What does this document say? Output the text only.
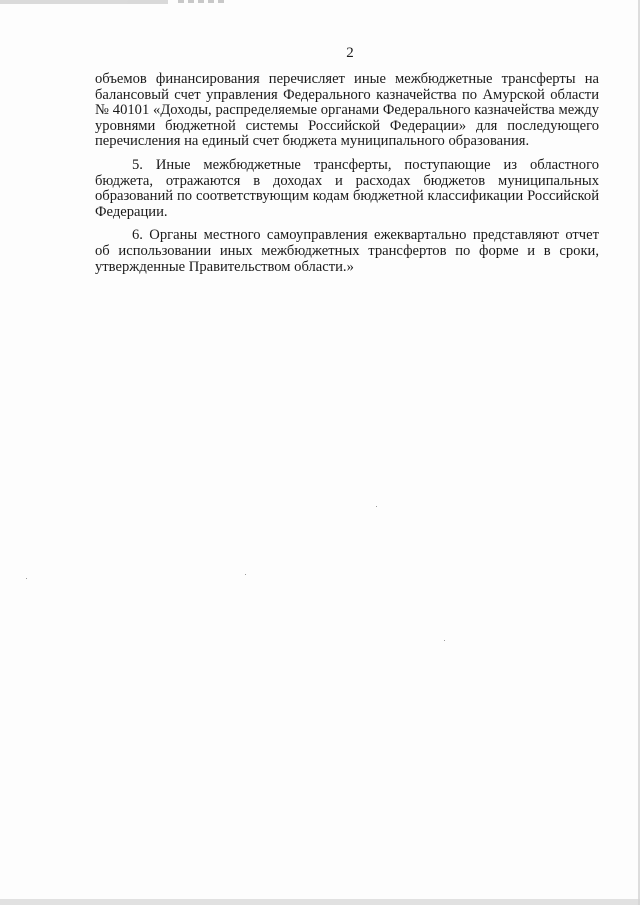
2

объемов финансирования перечисляет иные межбюджетные трансферты на балансовый счет управления Федерального казначейства по Амурской области № 40101 «Доходы, распределяемые органами Федерального казначейства между уровнями бюджетной системы Российской Федерации» для последующего перечисления на единый счет бюджета муниципального образования.

5. Иные межбюджетные трансферты, поступающие из областного бюджета, отражаются в доходах и расходах бюджетов муниципальных образований по соответствующим кодам бюджетной классификации Российской Федерации.

6. Органы местного самоуправления ежеквартально представляют отчет об использовании иных межбюджетных трансфертов по форме и в сроки, утвержденные Правительством области.»
